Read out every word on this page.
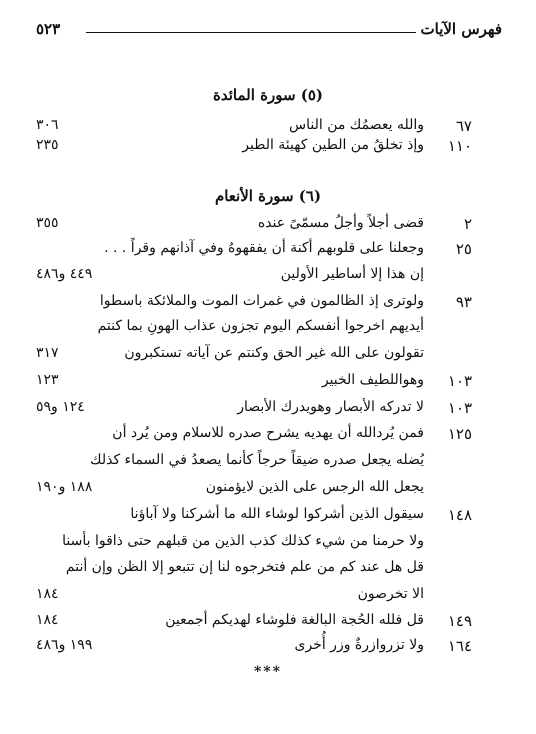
فهرس الآيات
٥٢٣
(٥) سورة المائدة
٦٧
والله يعصمُك من الناس
٣٠٦
١١٠
وإذ تخلقُ من الطين كهيئة الطير
٢٣٥
(٦) سورة الأنعام
٢
قضى أجلاً وأجلُ مسمّىً عنده
٣٥٥
٢٥
وجعلنا على قلوبهم أكنة أن يفقهوهُ وفي آذانهم وقراً . . .
إن هذا إلا أساطير الأولين
٤٤٩ و٤٨٦
٩٣
ولوترى إذ الظالمون في غمرات الموت والملائكة باسطوا
أيديهم اخرجوا أنفسكم اليوم تجزون عذاب الهونِ بما كنتم
تقولون على الله غير الحق وكنتم عن آياته تستكبرون
٣١٧
١٠٣
وهواللطيف الخبير
١٢٣
١٠٣
لا تدركه الأبصار وهويدرك الأبصار
١٢٤ و٥٩
١٢٥
فمن يُردالله أن يهديه يشرح صدره للاسلام ومن يُرد أن
يُضله يجعل صدره ضيقاً حرجاً كأنما يصعدُ في السماء كذلك
يجعل الله الرجس على الذين لايؤمنون
١٨٨ و١٩٠
١٤٨
سيقول الذين أشركوا لوشاء الله ما أشركنا ولا آباؤنا
ولا حرمنا من شيء كذلك كذب الذين من قبلهم حتى ذاقوا بأسنا
قل هل عند كم من علم فتخرجوه لنا إن تتبعو إلا الظن وإن أنتم
الا تخرصون
١٨٤
١٤٩
قل فلله الحُجة البالغة فلوشاء لهديكم أجمعين
١٨٤
١٦٤
ولا تزروازرةٌ وزر أُخرى
١٩٩ و٤٨٦
***
